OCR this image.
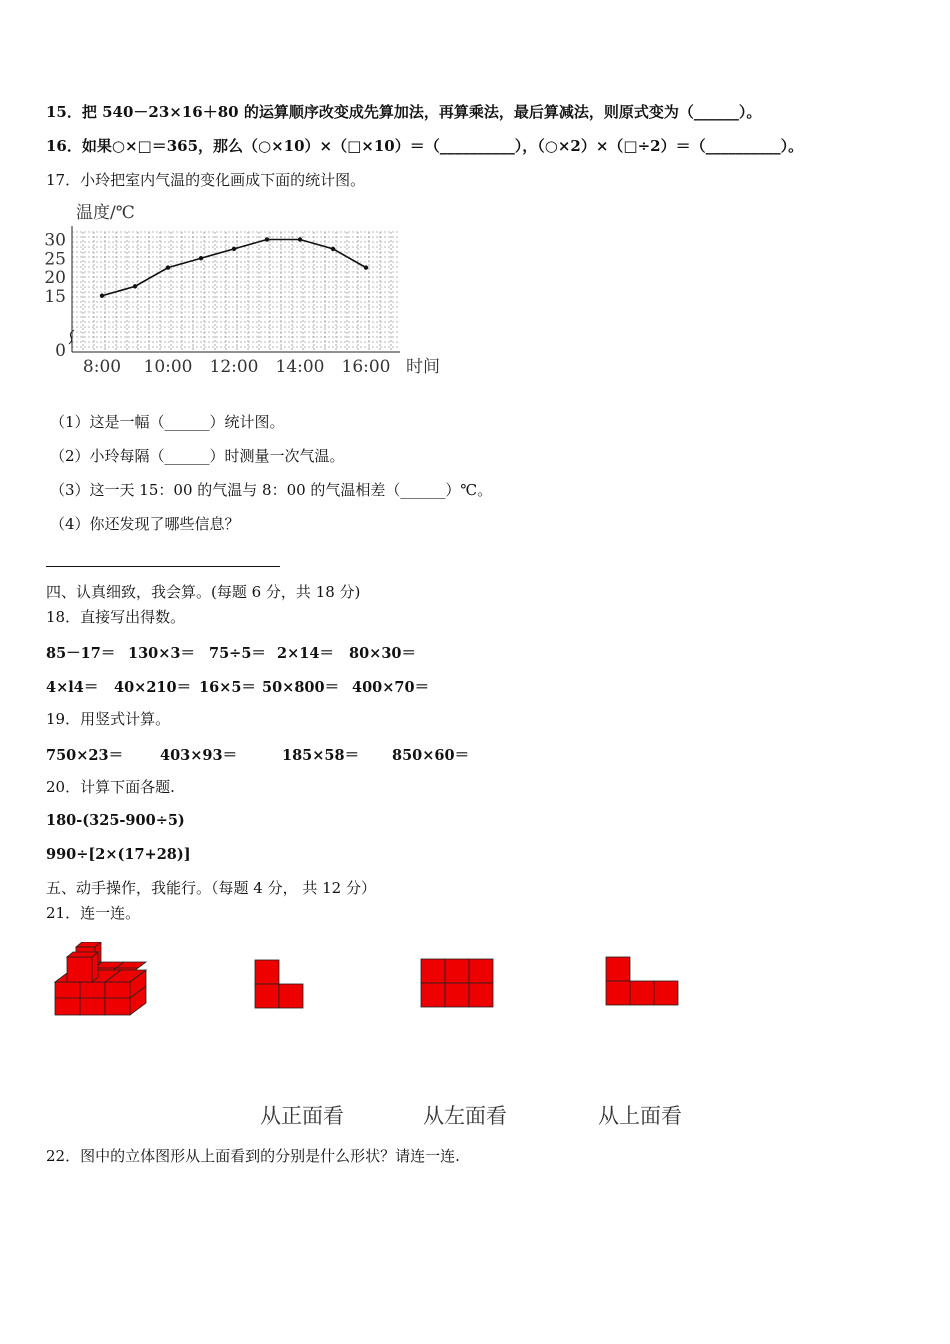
15．把 540－23×16＋80 的运算顺序改变成先算加法，再算乘法，最后算减法，则原式变为（______）。
16．如果○×□＝365，那么（○×10）×（□×10）＝（__________），（○×2）×（□÷2）＝（__________）。
17．小玲把室内气温的变化画成下面的统计图。
温度/℃
0
15
20
25
30
8:00 10:00 12:00 14:00 16:00 时间
（1）这是一幅（______）统计图。
（2）小玲每隔（______）时测量一次气温。
（3）这一天 15：00 的气温与 8：00 的气温相差（______）℃。
（4）你还发现了哪些信息？
四、认真细致，我会算。(每题 6 分，共 18 分)
18．直接写出得数。
85－17＝ 130×3＝ 75÷5＝ 2×14＝ 80×30＝
4×l4＝ 40×210＝ 16×5＝ 50×800＝ 400×70＝
19．用竖式计算。
750×23＝	403×93＝	185×58＝ 850×60＝
20．计算下面各题.
180-(325-900÷5)
990÷[2×(17+28)]
五、动手操作，我能行。（每题 4 分， 共 12 分）
21．连一连。
从正面看	从左面看	从上面看
22．图中的立体图形从上面看到的分别是什么形状？请连一连.
